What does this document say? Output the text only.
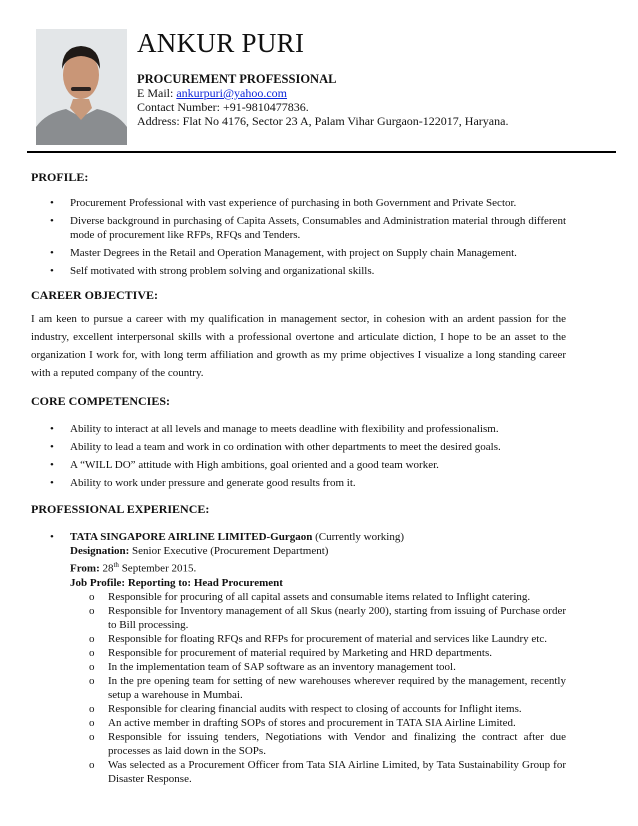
ANKUR PURI
PROCUREMENT PROFESSIONAL
E Mail: ankurpuri@yahoo.com
Contact Number: +91-9810477836.
Address: Flat No 4176, Sector 23 A, Palam Vihar Gurgaon-122017, Haryana.
PROFILE:
• Procurement Professional with vast experience of purchasing in both Government and Private Sector.
• Diverse background in purchasing of Capita Assets, Consumables and Administration material through different mode of procurement like RFPs, RFQs and Tenders.
• Master Degrees in the Retail and Operation Management, with project on Supply chain Management.
• Self motivated with strong problem solving and organizational skills.
CAREER OBJECTIVE:

I am keen to pursue a career with my qualification in management sector, in cohesion with an ardent passion for the industry, excellent interpersonal skills with a professional overtone and articulate diction, I hope to be an asset to the organization I work for, with long term affiliation and growth as my prime objectives I visualize a long standing career with a reputed company of the country.

CORE COMPETENCIES:
• Ability to interact at all levels and manage to meets deadline with flexibility and professionalism.
• Ability to lead a team and work in co ordination with other departments to meet the desired goals.
• A “WILL DO” attitude with High ambitions, goal oriented and a good team worker.
• Ability to work under pressure and generate good results from it.
PROFESSIONAL EXPERIENCE:
• TATA SINGAPORE AIRLINE LIMITED-Gurgaon (Currently working)
Designation: Senior Executive (Procurement Department)
From: 28th September 2015.
Job Profile: Reporting to: Head Procurement
o Responsible for procuring of all capital assets and consumable items related to Inflight catering.
o Responsible for Inventory management of all Skus (nearly 200), starting from issuing of Purchase order to Bill processing.
o Responsible for floating RFQs and RFPs for procurement of material and services like Laundry etc.
o Responsible for procurement of material required by Marketing and HRD departments.
o In the implementation team of SAP software as an inventory management tool.
o In the pre opening team for setting of new warehouses wherever required by the management, recently setup a warehouse in Mumbai.
o Responsible for clearing financial audits with respect to closing of accounts for Inflight items.
o An active member in drafting SOPs of stores and procurement in TATA SIA Airline Limited.
o Responsible for issuing tenders, Negotiations with Vendor and finalizing the contract after due processes as laid down in the SOPs.
o Was selected as a Procurement Officer from Tata SIA Airline Limited, by Tata Sustainability Group for Disaster Response.
